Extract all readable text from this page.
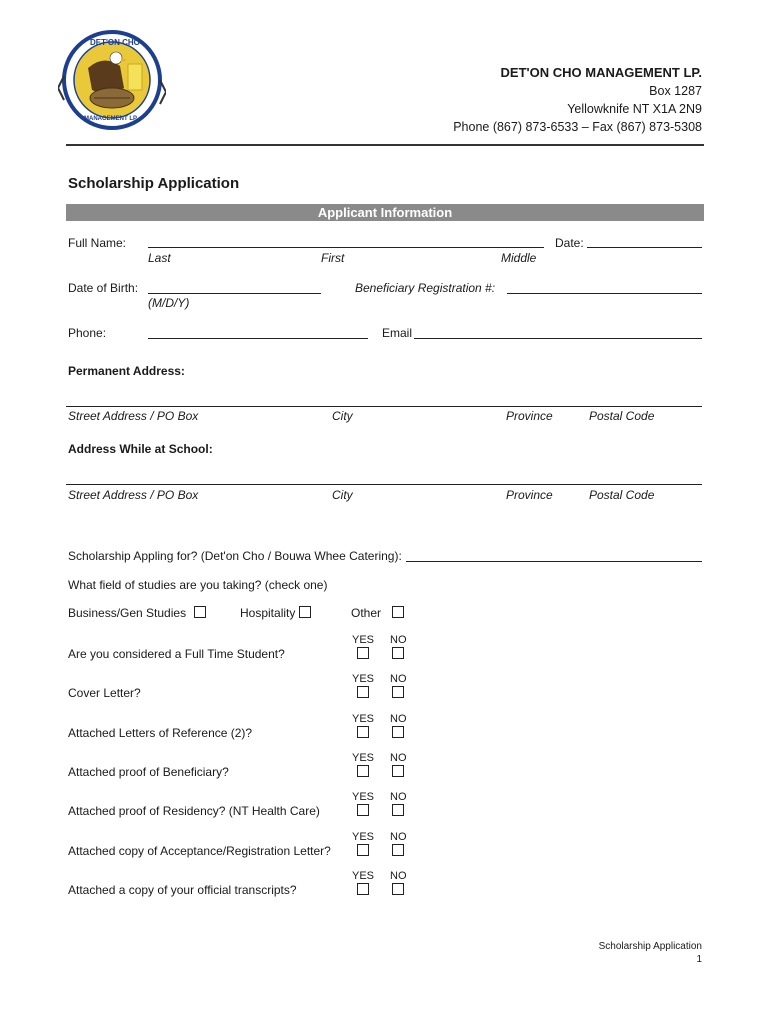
DET'ON CHO
MANAGEMENT LP.
DET'ON CHO MANAGEMENT LP.
Box 1287
Yellowknife NT X1A 2N9
Phone (867) 873-6533 – Fax (867) 873-5308
Scholarship Application
Applicant Information
Full Name:
Last	First	Middle
Date:
Date of Birth:
(M/D/Y)
Beneficiary Registration #:
Phone:	Email
Permanent Address:
Street Address / PO Box	City	Province	Postal Code
Address While at School:
Street Address / PO Box	City	Province	Postal Code
Scholarship Appling for? (Det'on Cho / Bouwa Whee Catering):
What field of studies are you taking? (check one)
Business/Gen Studies	Hospitality	Other
Are you considered a Full Time Student?
YES NO
Cover Letter?
YES NO
Attached Letters of Reference (2)?
YES NO
Attached proof of Beneficiary?
YES NO
Attached proof of Residency? (NT Health Care)
YES NO
Attached copy of Acceptance/Registration Letter?
YES NO
Attached a copy of your official transcripts?
YES NO
Scholarship Application
1
